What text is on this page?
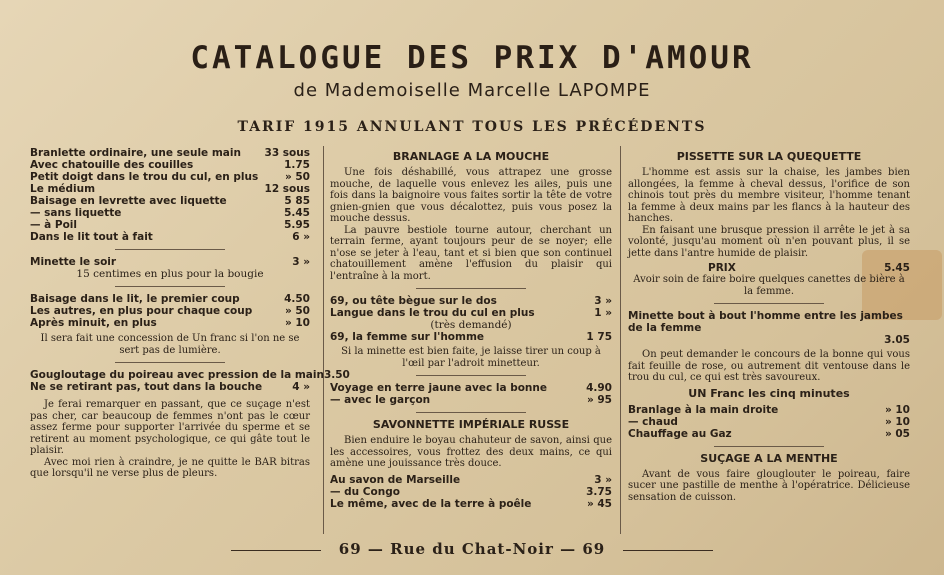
CATALOGUE DES PRIX D'AMOUR
de Mademoiselle Marcelle LAPOMPE
TARIF 1915 ANNULANT TOUS LES PRÉCÉDENTS
Branlette ordinaire, une seule main 33 sous
Avec chatouille des couilles	1.75
Petit doigt dans le trou du cul, en plus	» 50
Le médium	12 sous
Baisage en levrette avec liquette	5 85
— sans liquette	5.45
— à Poil	5.95
Dans le lit tout à fait	6 »
Minette le soir	3 »
15 centimes en plus pour la bougie
Baisage dans le lit, le premier coup	4.50
Les autres, en plus pour chaque coup	» 50
Après minuit, en plus	» 10
Il sera fait une concession de Un franc si l'on ne se sert pas de lumière.
Gougloutage du poireau avec pression de la main 3.50
Ne se retirant pas, tout dans la bouche	4 »
Je ferai remarquer en passant, que ce suçage n'est pas cher, car beaucoup de femmes n'ont pas le cœur assez ferme pour supporter l'arrivée du sperme et se retirent au moment psychologique, ce qui gâte tout le plaisir.
Avec moi rien à craindre, je ne quitte le BAR bitras que lorsqu'il ne verse plus de pleurs.
BRANLAGE A LA MOUCHE
Une fois déshabillé, vous attrapez une grosse mouche, de laquelle vous enlevez les ailes, puis une fois dans la baignoire vous faites sortir la tête de votre gnien-gnien que vous décalottez, puis vous posez la mouche dessus.
La pauvre bestiole tourne autour, cherchant un terrain ferme, ayant toujours peur de se noyer; elle n'ose se jeter à l'eau, tant et si bien que son continuel chatouillement amène l'effusion du plaisir qui l'entraîne à la mort.
69, ou tête bègue sur le dos	3 »
Langue dans le trou du cul en plus	1 »
(très demandé)
69, la femme sur l'homme	1 75
Si la minette est bien faite, je laisse tirer un coup à l'œil par l'adroit minetteur.
Voyage en terre jaune avec la bonne	4.90
— avec le garçon	» 95
SAVONNETTE IMPÉRIALE RUSSE
Bien enduire le boyau chahuteur de savon, ainsi que les accessoires, vous frottez des deux mains, ce qui amène une jouissance très douce.
Au savon de Marseille	3 »
— du Congo	3.75
Le même, avec de la terre à poêle	» 45
PISSETTE SUR LA QUEQUETTE
L'homme est assis sur la chaise, les jambes bien allongées, la femme à cheval dessus, l'orifice de son chinois tout près du membre visiteur, l'homme tenant la femme à deux mains par les flancs à la hauteur des hanches.
En faisant une brusque pression il arrête le jet à sa volonté, jusqu'au moment où n'en pouvant plus, il se jette dans l'antre humide de plaisir.
PRIX	5.45
Avoir soin de faire boire quelques canettes de bière à la femme.
Minette bout à bout l'homme entre les jambes de la femme
3.05
On peut demander le concours de la bonne qui vous fait feuille de rose, ou autrement dit ventouse dans le trou du cul, ce qui est très savoureux.
UN Franc les cinq minutes
Branlage à la main droite	» 10
— chaud	» 10
Chauffage au Gaz	» 05
SUÇAGE A LA MENTHE
Avant de vous faire glouglouter le poireau, faire sucer une pastille de menthe à l'opératrice. Délicieuse sensation de cuisson.
69 — Rue du Chat-Noir — 69
